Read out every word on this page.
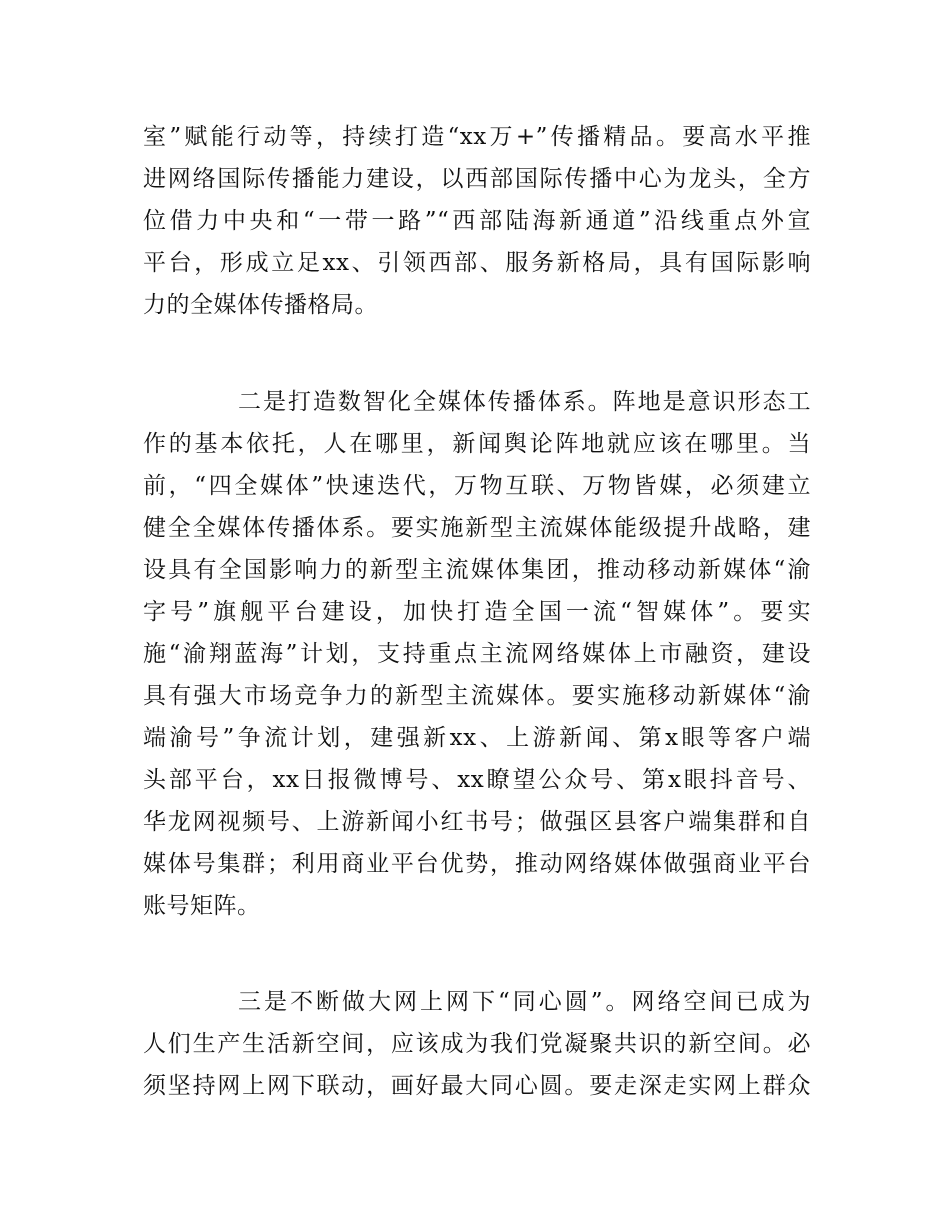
室”赋能行动等，持续打造“xx万+”传播精品。要高水平推
进网络国际传播能力建设，以西部国际传播中心为龙头，全方
位借力中央和“一带一路”“西部陆海新通道”沿线重点外宣
平台，形成立足xx、引领西部、服务新格局，具有国际影响
力的全媒体传播格局。
二是打造数智化全媒体传播体系。阵地是意识形态工
作的基本依托，人在哪里，新闻舆论阵地就应该在哪里。当
前，“四全媒体”快速迭代，万物互联、万物皆媒，必须建立
健全全媒体传播体系。要实施新型主流媒体能级提升战略，建
设具有全国影响力的新型主流媒体集团，推动移动新媒体“渝
字号”旗舰平台建设，加快打造全国一流“智媒体”。要实
施“渝翔蓝海”计划，支持重点主流网络媒体上市融资，建设
具有强大市场竞争力的新型主流媒体。要实施移动新媒体“渝
端渝号”争流计划，建强新xx、上游新闻、第x眼等客户端
头部平台，xx日报微博号、xx瞭望公众号、第x眼抖音号、
华龙网视频号、上游新闻小红书号；做强区县客户端集群和自
媒体号集群；利用商业平台优势，推动网络媒体做强商业平台
账号矩阵。
三是不断做大网上网下“同心圆”。网络空间已成为
人们生产生活新空间，应该成为我们党凝聚共识的新空间。必
须坚持网上网下联动，画好最大同心圆。要走深走实网上群众
